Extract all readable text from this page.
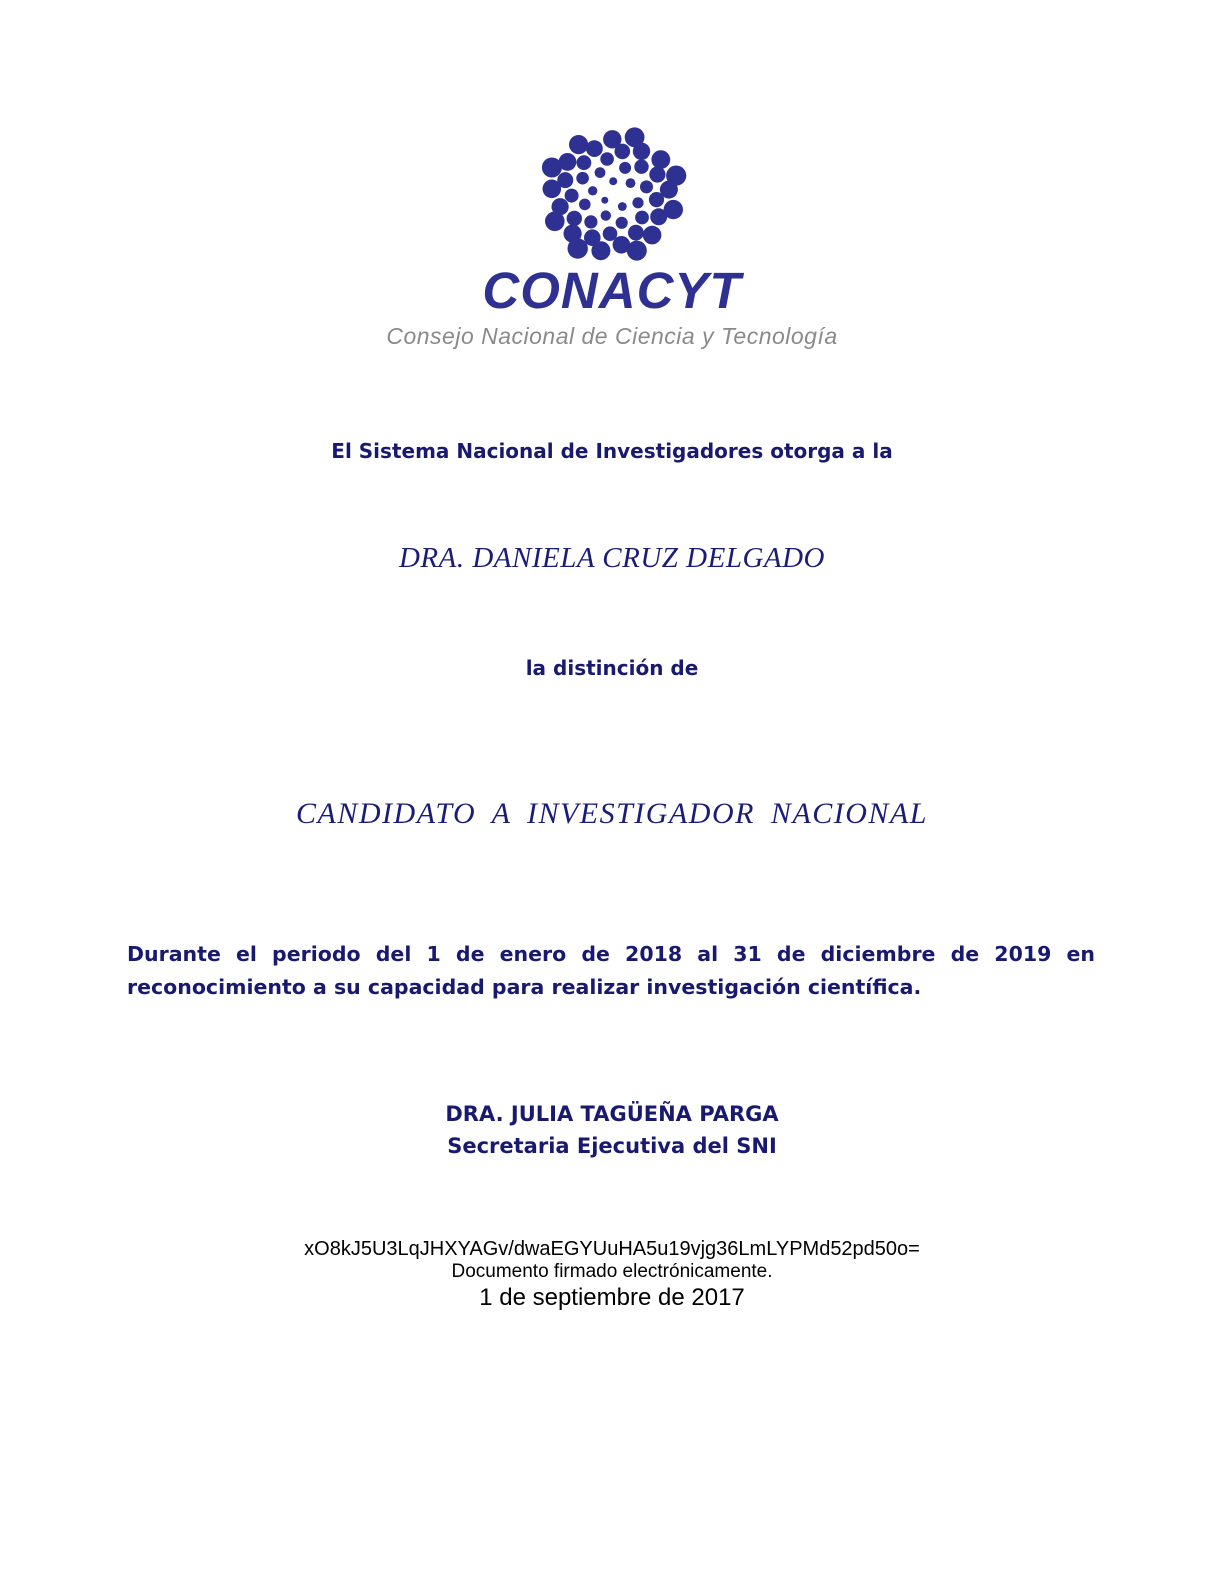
CONACYT
Consejo Nacional de Ciencia y Tecnología
El Sistema Nacional de Investigadores otorga a la
DRA. DANIELA CRUZ DELGADO
la distinción de
CANDIDATO A INVESTIGADOR NACIONAL
Durante el periodo del 1 de enero de 2018 al 31 de diciembre de 2019 en reconocimiento a su capacidad para realizar investigación científica.
DRA. JULIA TAGÜEÑA PARGA
Secretaria Ejecutiva del SNI
xO8kJ5U3LqJHXYAGv/dwaEGYUuHA5u19vjg36LmLYPMd52pd50o=
Documento firmado electrónicamente.
1 de septiembre de 2017
